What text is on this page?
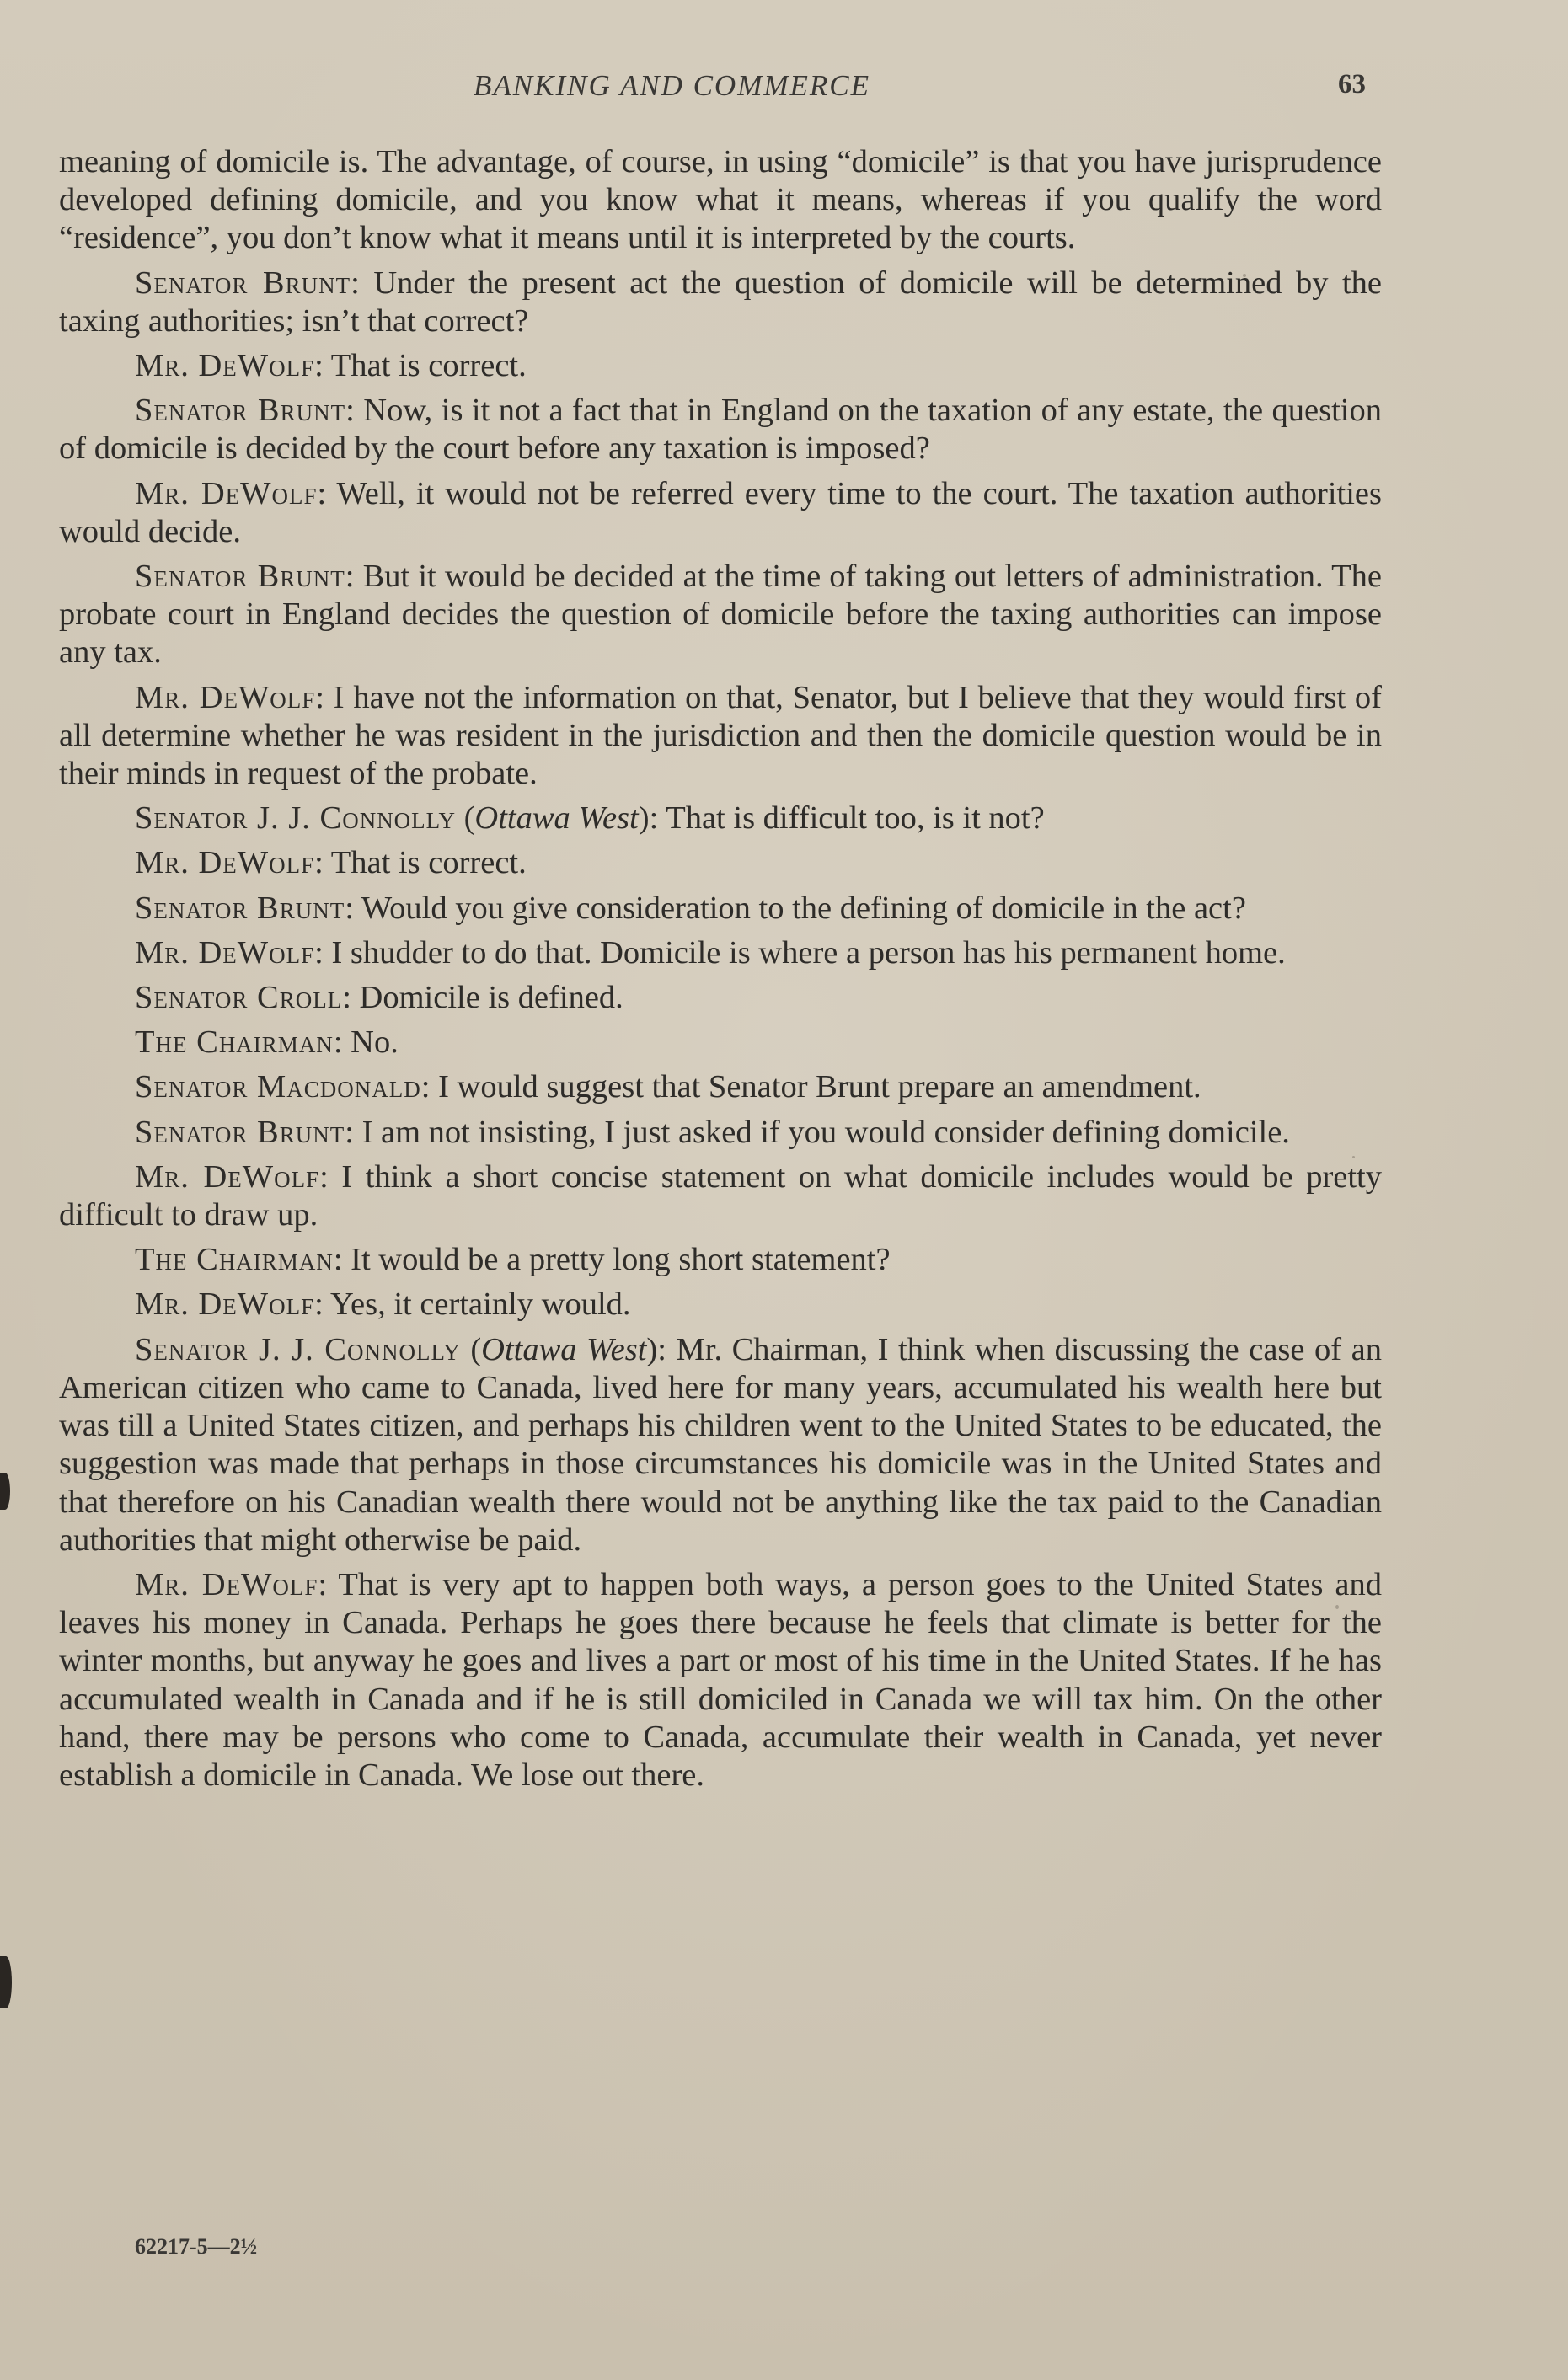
BANKING AND COMMERCE	63

meaning of domicile is. The advantage, of course, in using “domicile” is that you have jurisprudence developed defining domicile, and you know what it means, whereas if you qualify the word “residence”, you don’t know what it means until it is interpreted by the courts.

Senator Brunt: Under the present act the question of domicile will be determined by the taxing authorities; isn’t that correct?

Mr. DeWolf: That is correct.

Senator Brunt: Now, is it not a fact that in England on the taxation of any estate, the question of domicile is decided by the court before any taxation is imposed?

Mr. DeWolf: Well, it would not be referred every time to the court. The taxation authorities would decide.

Senator Brunt: But it would be decided at the time of taking out letters of administration. The probate court in England decides the question of domicile before the taxing authorities can impose any tax.

Mr. DeWolf: I have not the information on that, Senator, but I believe that they would first of all determine whether he was resident in the jurisdiction and then the domicile question would be in their minds in request of the probate.

Senator J. J. Connolly (Ottawa West): That is difficult too, is it not?

Mr. DeWolf: That is correct.

Senator Brunt: Would you give consideration to the defining of domicile in the act?

Mr. DeWolf: I shudder to do that. Domicile is where a person has his permanent home.

Senator Croll: Domicile is defined.

The Chairman: No.

Senator Macdonald: I would suggest that Senator Brunt prepare an amendment.

Senator Brunt: I am not insisting, I just asked if you would consider defining domicile.

Mr. DeWolf: I think a short concise statement on what domicile includes would be pretty difficult to draw up.

The Chairman: It would be a pretty long short statement?

Mr. DeWolf: Yes, it certainly would.

Senator J. J. Connolly (Ottawa West): Mr. Chairman, I think when discussing the case of an American citizen who came to Canada, lived here for many years, accumulated his wealth here but was till a United States citizen, and perhaps his children went to the United States to be educated, the suggestion was made that perhaps in those circumstances his domicile was in the United States and that therefore on his Canadian wealth there would not be anything like the tax paid to the Canadian authorities that might otherwise be paid.

Mr. DeWolf: That is very apt to happen both ways, a person goes to the United States and leaves his money in Canada. Perhaps he goes there because he feels that climate is better for the winter months, but anyway he goes and lives a part or most of his time in the United States. If he has accumulated wealth in Canada and if he is still domiciled in Canada we will tax him. On the other hand, there may be persons who come to Canada, accumulate their wealth in Canada, yet never establish a domicile in Canada. We lose out there.

62217-5—2½
